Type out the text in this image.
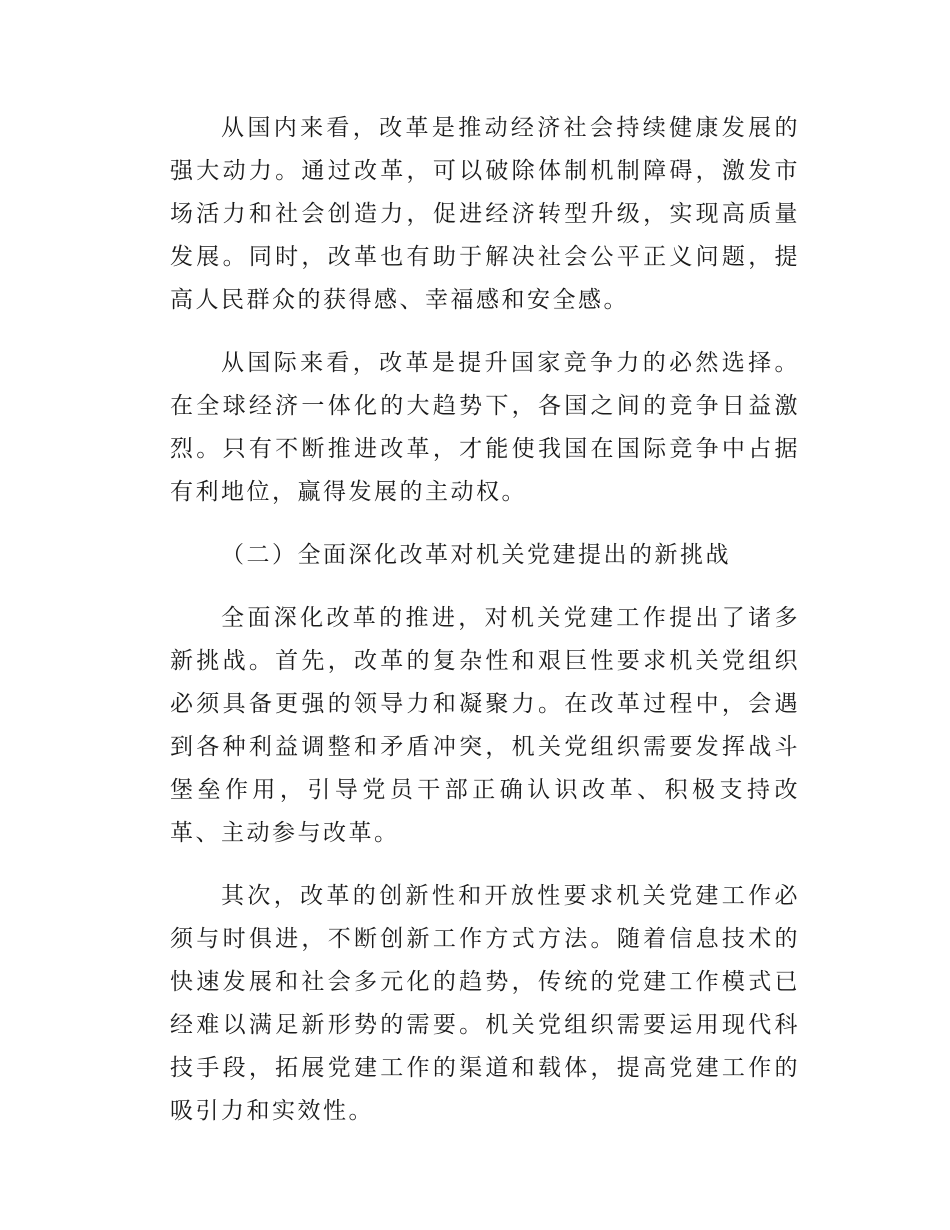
从国内来看，改革是推动经济社会持续健康发展的强大动力。通过改革，可以破除体制机制障碍，激发市场活力和社会创造力，促进经济转型升级，实现高质量发展。同时，改革也有助于解决社会公平正义问题，提高人民群众的获得感、幸福感和安全感。

从国际来看，改革是提升国家竞争力的必然选择。在全球经济一体化的大趋势下，各国之间的竞争日益激烈。只有不断推进改革，才能使我国在国际竞争中占据有利地位，赢得发展的主动权。

（二）全面深化改革对机关党建提出的新挑战

全面深化改革的推进，对机关党建工作提出了诸多新挑战。首先，改革的复杂性和艰巨性要求机关党组织必须具备更强的领导力和凝聚力。在改革过程中，会遇到各种利益调整和矛盾冲突，机关党组织需要发挥战斗堡垒作用，引导党员干部正确认识改革、积极支持改革、主动参与改革。

其次，改革的创新性和开放性要求机关党建工作必须与时俱进，不断创新工作方式方法。随着信息技术的快速发展和社会多元化的趋势，传统的党建工作模式已经难以满足新形势的需要。机关党组织需要运用现代科技手段，拓展党建工作的渠道和载体，提高党建工作的吸引力和实效性。
